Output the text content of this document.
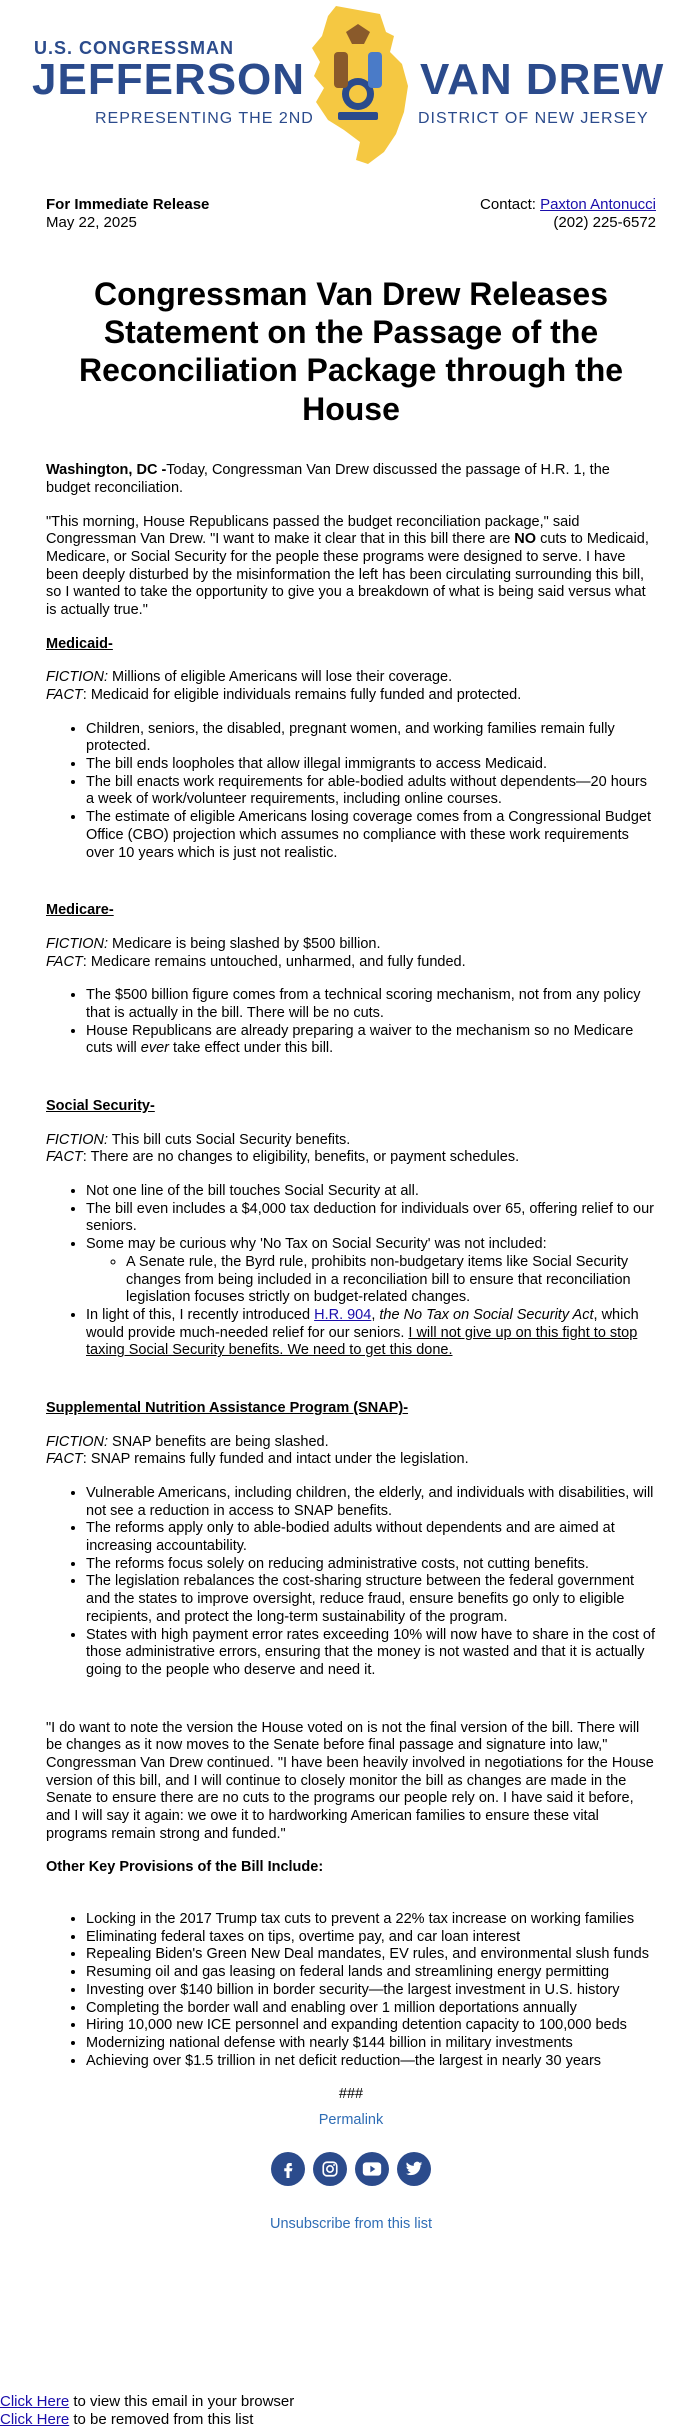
U.S. CONGRESSMAN
JEFFERSON	VAN DREW
REPRESENTING THE 2ND	DISTRICT OF NEW JERSEY
For Immediate Release
May 22, 2025
Contact: Paxton Antonucci
(202) 225-6572
Congressman Van Drew Releases Statement on the Passage of the Reconciliation Package through the House

Washington, DC -Today, Congressman Van Drew discussed the passage of H.R. 1, the budget reconciliation.

"This morning, House Republicans passed the budget reconciliation package," said Congressman Van Drew. "I want to make it clear that in this bill there are NO cuts to Medicaid, Medicare, or Social Security for the people these programs were designed to serve. I have been deeply disturbed by the misinformation the left has been circulating surrounding this bill, so I wanted to take the opportunity to give you a breakdown of what is being said versus what is actually true."

Medicaid-

FICTION: Millions of eligible Americans will lose their coverage.
FACT: Medicaid for eligible individuals remains fully funded and protected.

• Children, seniors, the disabled, pregnant women, and working families remain fully protected.
• The bill ends loopholes that allow illegal immigrants to access Medicaid.
• The bill enacts work requirements for able-bodied adults without dependents—20 hours a week of work/volunteer requirements, including online courses.
• The estimate of eligible Americans losing coverage comes from a Congressional Budget Office (CBO) projection which assumes no compliance with these work requirements over 10 years which is just not realistic.
Medicare-

FICTION: Medicare is being slashed by $500 billion.
FACT: Medicare remains untouched, unharmed, and fully funded.

• The $500 billion figure comes from a technical scoring mechanism, not from any policy that is actually in the bill. There will be no cuts.
• House Republicans are already preparing a waiver to the mechanism so no Medicare cuts will ever take effect under this bill.
Social Security-

FICTION: This bill cuts Social Security benefits.
FACT: There are no changes to eligibility, benefits, or payment schedules.

• Not one line of the bill touches Social Security at all.
• The bill even includes a $4,000 tax deduction for individuals over 65, offering relief to our seniors.
• Some may be curious why 'No Tax on Social Security' was not included:
◦ A Senate rule, the Byrd rule, prohibits non-budgetary items like Social Security changes from being included in a reconciliation bill to ensure that reconciliation legislation focuses strictly on budget-related changes.
• In light of this, I recently introduced H.R. 904, the No Tax on Social Security Act, which would provide much-needed relief for our seniors. I will not give up on this fight to stop taxing Social Security benefits. We need to get this done.
Supplemental Nutrition Assistance Program (SNAP)-

FICTION: SNAP benefits are being slashed.
FACT: SNAP remains fully funded and intact under the legislation.

• Vulnerable Americans, including children, the elderly, and individuals with disabilities, will not see a reduction in access to SNAP benefits.
• The reforms apply only to able-bodied adults without dependents and are aimed at increasing accountability.
• The reforms focus solely on reducing administrative costs, not cutting benefits.
• The legislation rebalances the cost-sharing structure between the federal government and the states to improve oversight, reduce fraud, ensure benefits go only to eligible recipients, and protect the long-term sustainability of the program.
• States with high payment error rates exceeding 10% will now have to share in the cost of those administrative errors, ensuring that the money is not wasted and that it is actually going to the people who deserve and need it.

"I do want to note the version the House voted on is not the final version of the bill. There will be changes as it now moves to the Senate before final passage and signature into law," Congressman Van Drew continued. "I have been heavily involved in negotiations for the House version of this bill, and I will continue to closely monitor the bill as changes are made in the Senate to ensure there are no cuts to the programs our people rely on. I have said it before, and I will say it again: we owe it to hardworking American families to ensure these vital programs remain strong and funded."

Other Key Provisions of the Bill Include:

• Locking in the 2017 Trump tax cuts to prevent a 22% tax increase on working families
• Eliminating federal taxes on tips, overtime pay, and car loan interest
• Repealing Biden's Green New Deal mandates, EV rules, and environmental slush funds
• Resuming oil and gas leasing on federal lands and streamlining energy permitting
• Investing over $140 billion in border security—the largest investment in U.S. history
• Completing the border wall and enabling over 1 million deportations annually
• Hiring 10,000 new ICE personnel and expanding detention capacity to 100,000 beds
• Modernizing national defense with nearly $144 billion in military investments
• Achieving over $1.5 trillion in net deficit reduction—the largest in nearly 30 years
###
Permalink
Unsubscribe from this list
Click Here to view this email in your browser
Click Here to be removed from this list
